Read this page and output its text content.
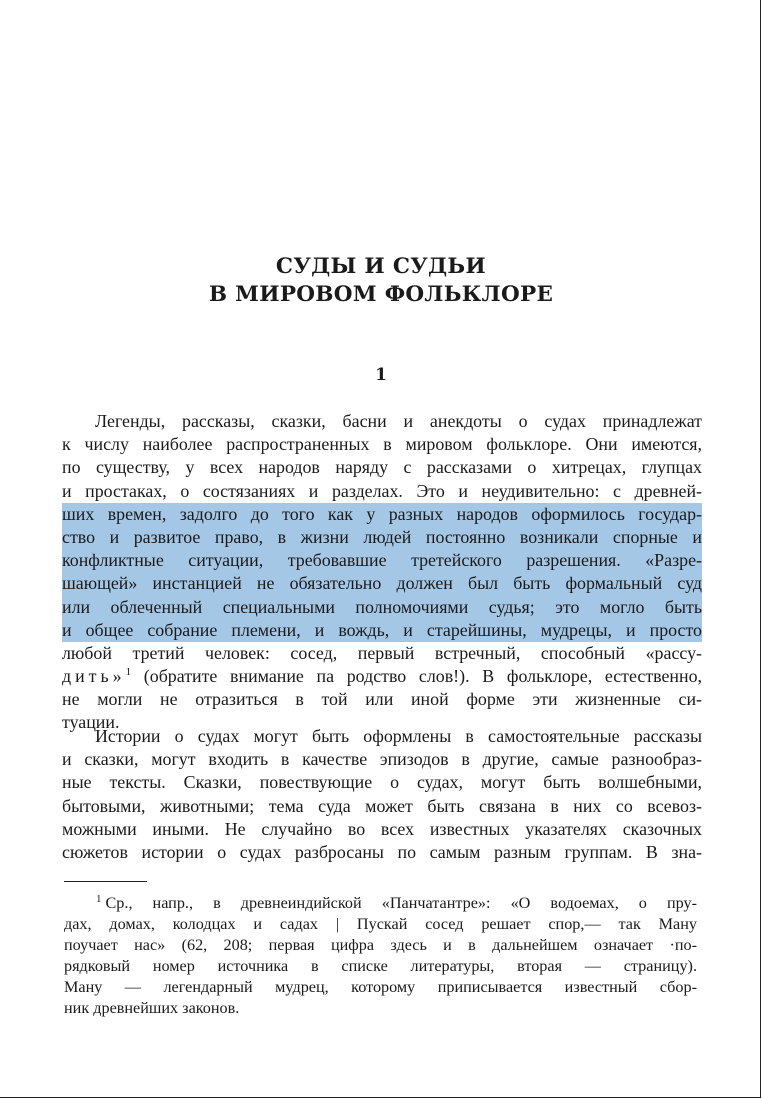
СУДЫ И СУДЬИ
В МИРОВОМ ФОЛЬКЛОРЕ
1
Легенды, рассказы, сказки, басни и анекдоты о судах принадлежат
к числу наиболее распространенных в мировом фольклоре. Они имеются,
по существу, у всех народов наряду с рассказами о хитрецах, глупцах
и простаках, о состязаниях и разделах. Это и неудивительно: с древней-
ших времен, задолго до того как у разных народов оформилось государ-
ство и развитое право, в жизни людей постоянно возникали спорные и
конфликтные ситуации, требовавшие третейского разрешения. «Разре-
шающей» инстанцией не обязательно должен был быть формальный суд
или облеченный специальными полномочиями судья; это могло быть
и общее собрание племени, и вождь, и старейшины, мудрецы, и просто
любой третий человек: сосед, первый встречный, способный «рассу-
дить»$^1$ (обратите внимание па родство слов!). В фольклоре, естественно,
не могли не отразиться в той или иной форме эти жизненные си-
туации.
Истории о судах могут быть оформлены в самостоятельные рассказы
и сказки, могут входить в качестве эпизодов в другие, самые разнообраз-
ные тексты. Сказки, повествующие о судах, могут быть волшебными,
бытовыми, животными; тема суда может быть связана в них со всевоз-
можными иными. Не случайно во всех известных указателях сказочных
сюжетов истории о судах разбросаны по самым разным группам. В зна-
$^1$ Ср., напр., в древнеиндийской «Панчатантре»: «О водоемах, о пру-
дах, домах, колодцах и садах | Пускай сосед решает спор,— так Ману
поучает нас» (62, 208; первая цифра здесь и в дальнейшем означает ·по-
рядковый номер источника в списке литературы, вторая — страницу).
Ману — легендарный мудрец, которому приписывается известный сбор-
ник древнейших законов.
